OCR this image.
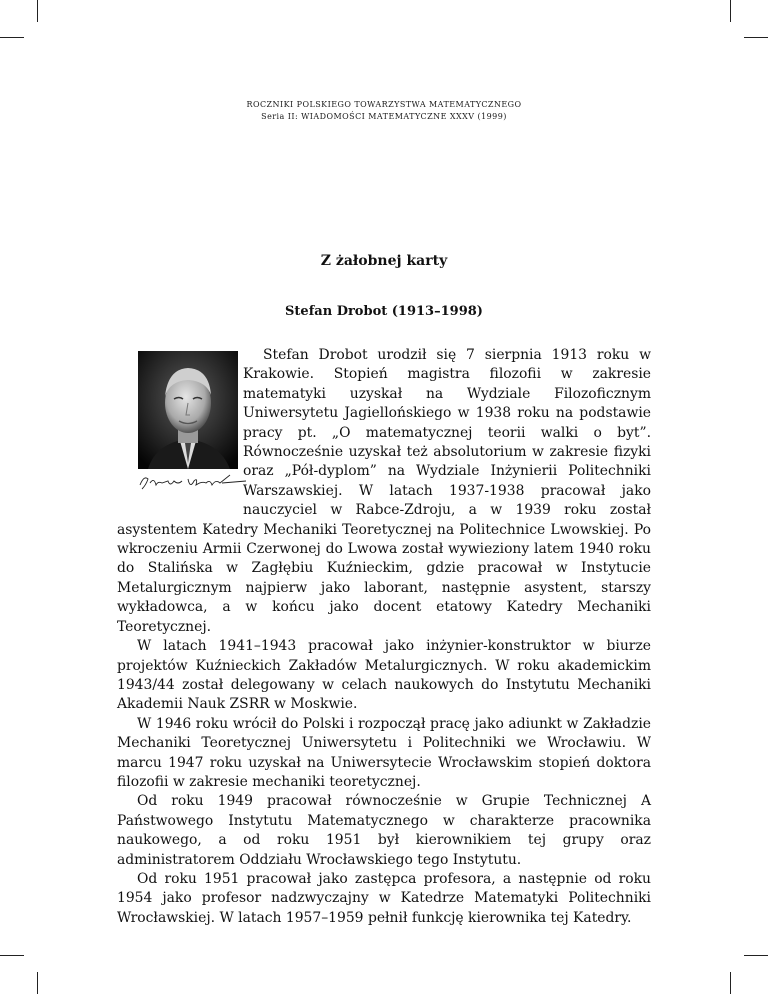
ROCZNIKI POLSKIEGO TOWARZYSTWA MATEMATYCZNEGO
Seria II: WIADOMOŚCI MATEMATYCZNE XXXV (1999)
Z żałobnej karty
Stefan Drobot (1913–1998)

Stefan Drobot urodził się 7 sierpnia 1913 roku w Krakowie. Stopień magistra filozofii w zakresie matematyki uzyskał na Wydziale Filozoficznym Uniwersytetu Jagiellońskiego w 1938 roku na podstawie pracy pt. „O matematycznej teorii walki o byt”. Równocześnie uzyskał też absolutorium w zakresie fizyki oraz „Pół-dyplom” na Wydziale Inżynierii Politechniki Warszawskiej. W latach 1937-1938 pracował jako nauczyciel w Rabce-Zdroju, a w 1939 roku został asystentem Katedry Mechaniki Teoretycznej na Politechnice Lwowskiej. Po wkroczeniu Armii Czerwonej do Lwowa został wywieziony latem 1940 roku do Stalińska w Zagłębiu Kuźnieckim, gdzie pracował w Instytucie Metalurgicznym najpierw jako laborant, następnie asystent, starszy wykładowca, a w końcu jako docent etatowy Katedry Mechaniki Teoretycznej.

W latach 1941–1943 pracował jako inżynier-konstruktor w biurze projektów Kuźnieckich Zakładów Metalurgicznych. W roku akademickim 1943/44 został delegowany w celach naukowych do Instytutu Mechaniki Akademii Nauk ZSRR w Moskwie.

W 1946 roku wrócił do Polski i rozpoczął pracę jako adiunkt w Zakładzie Mechaniki Teoretycznej Uniwersytetu i Politechniki we Wrocławiu. W marcu 1947 roku uzyskał na Uniwersytecie Wrocławskim stopień doktora filozofii w zakresie mechaniki teoretycznej.

Od roku 1949 pracował równocześnie w Grupie Technicznej A Państwowego Instytutu Matematycznego w charakterze pracownika naukowego, a od roku 1951 był kierownikiem tej grupy oraz administratorem Oddziału Wrocławskiego tego Instytutu.

Od roku 1951 pracował jako zastępca profesora, a następnie od roku 1954 jako profesor nadzwyczajny w Katedrze Matematyki Politechniki Wrocławskiej. W latach 1957–1959 pełnił funkcję kierownika tej Katedry.
